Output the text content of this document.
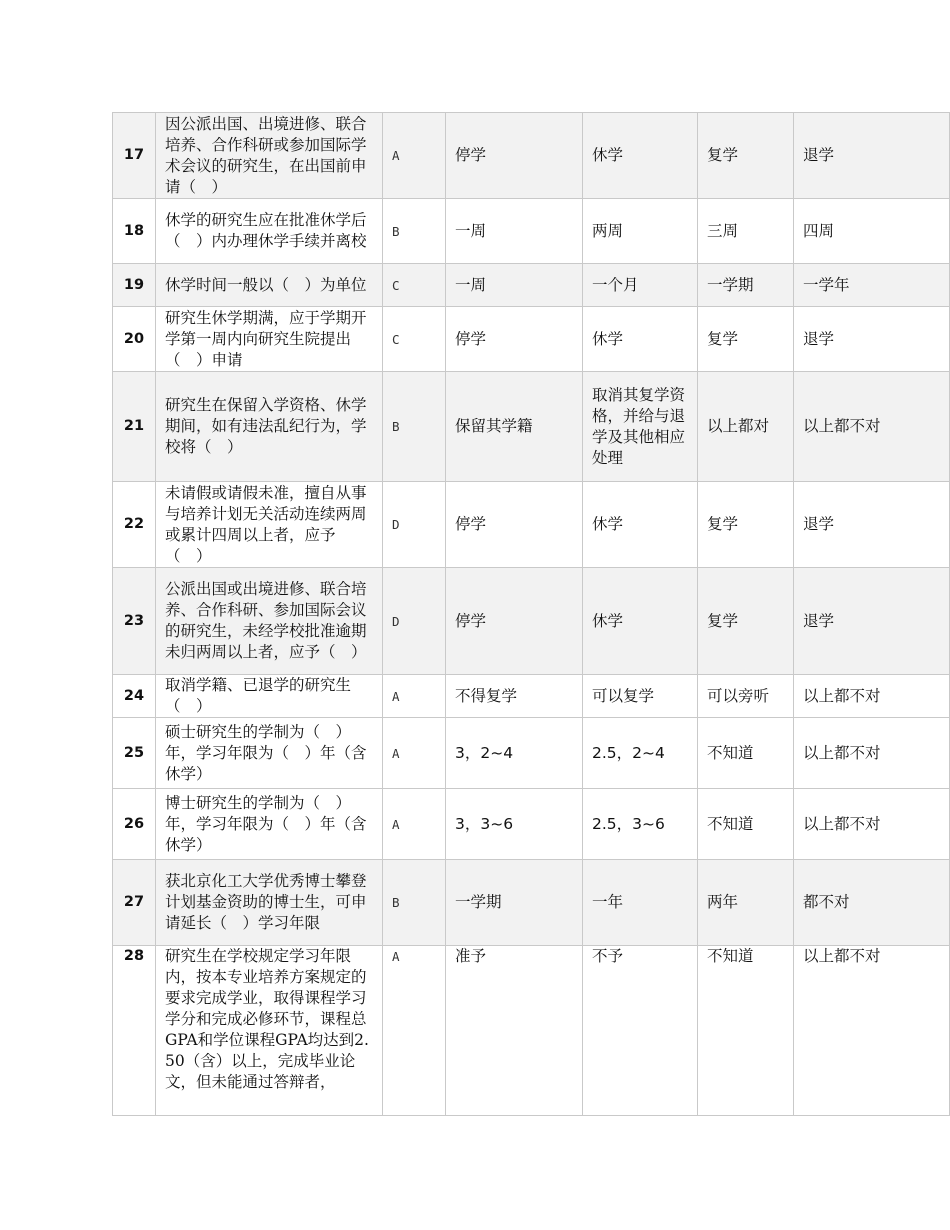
17	因公派出国、出境进修、联合培养、合作科研或参加国际学术会议的研究生，在出国前申请（　）	A	停学	休学	复学	退学
18	休学的研究生应在批准休学后（　）内办理休学手续并离校	B	一周	两周	三周	四周
19	休学时间一般以（　）为单位	C	一周	一个月	一学期	一学年
20	研究生休学期满，应于学期开学第一周内向研究生院提出（　）申请	C	停学	休学	复学	退学
21	研究生在保留入学资格、休学期间，如有违法乱纪行为，学校将（　）	B	保留其学籍	取消其复学资格，并给与退学及其他相应处理	以上都对	以上都不对
22	未请假或请假未准，擅自从事与培养计划无关活动连续两周或累计四周以上者，应予（　）	D	停学	休学	复学	退学
23	公派出国或出境进修、联合培养、合作科研、参加国际会议的研究生，未经学校批准逾期未归两周以上者，应予（　）	D	停学	休学	复学	退学
24	取消学籍、已退学的研究生（　）	A	不得复学	可以复学	可以旁听	以上都不对
25	硕士研究生的学制为（　）年，学习年限为（　）年（含休学）	A	3，2~4	2.5，2~4	不知道	以上都不对
26	博士研究生的学制为（　）年，学习年限为（　）年（含休学）	A	3，3~6	2.5，3~6	不知道	以上都不对
27	获北京化工大学优秀博士攀登计划基金资助的博士生，可申请延长（　）学习年限	B	一学期	一年	两年	都不对
28	研究生在学校规定学习年限内，按本专业培养方案规定的要求完成学业，取得课程学习学分和完成必修环节，课程总GPA和学位课程GPA均达到2.50（含）以上，完成毕业论文，但未能通过答辩者，	A	准予	不予	不知道	以上都不对
